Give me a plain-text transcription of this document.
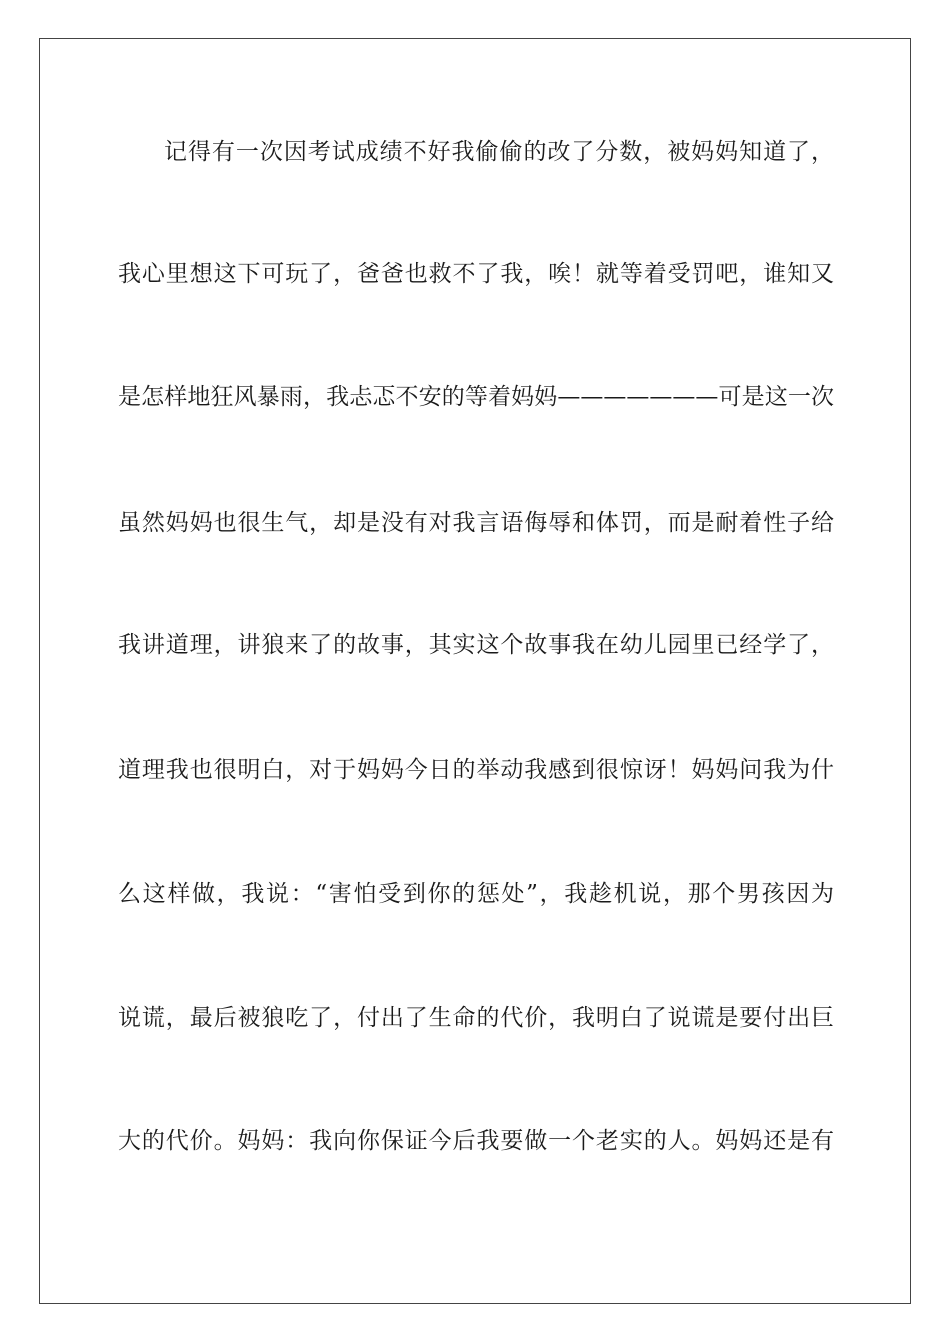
记得有一次因考试成绩不好我偷偷的改了分数，被妈妈知道了，
我心里想这下可玩了，爸爸也救不了我，唉！就等着受罚吧，谁知又
是怎样地狂风暴雨，我忐忑不安的等着妈妈———————可是这一次
虽然妈妈也很生气，却是没有对我言语侮辱和体罚，而是耐着性子给
我讲道理，讲狼来了的故事，其实这个故事我在幼儿园里已经学了，
道理我也很明白，对于妈妈今日的举动我感到很惊讶！妈妈问我为什
么这样做，我说：“害怕受到你的惩处”，我趁机说，那个男孩因为
说谎，最后被狼吃了，付出了生命的代价，我明白了说谎是要付出巨
大的代价。妈妈：我向你保证今后我要做一个老实的人。妈妈还是有
